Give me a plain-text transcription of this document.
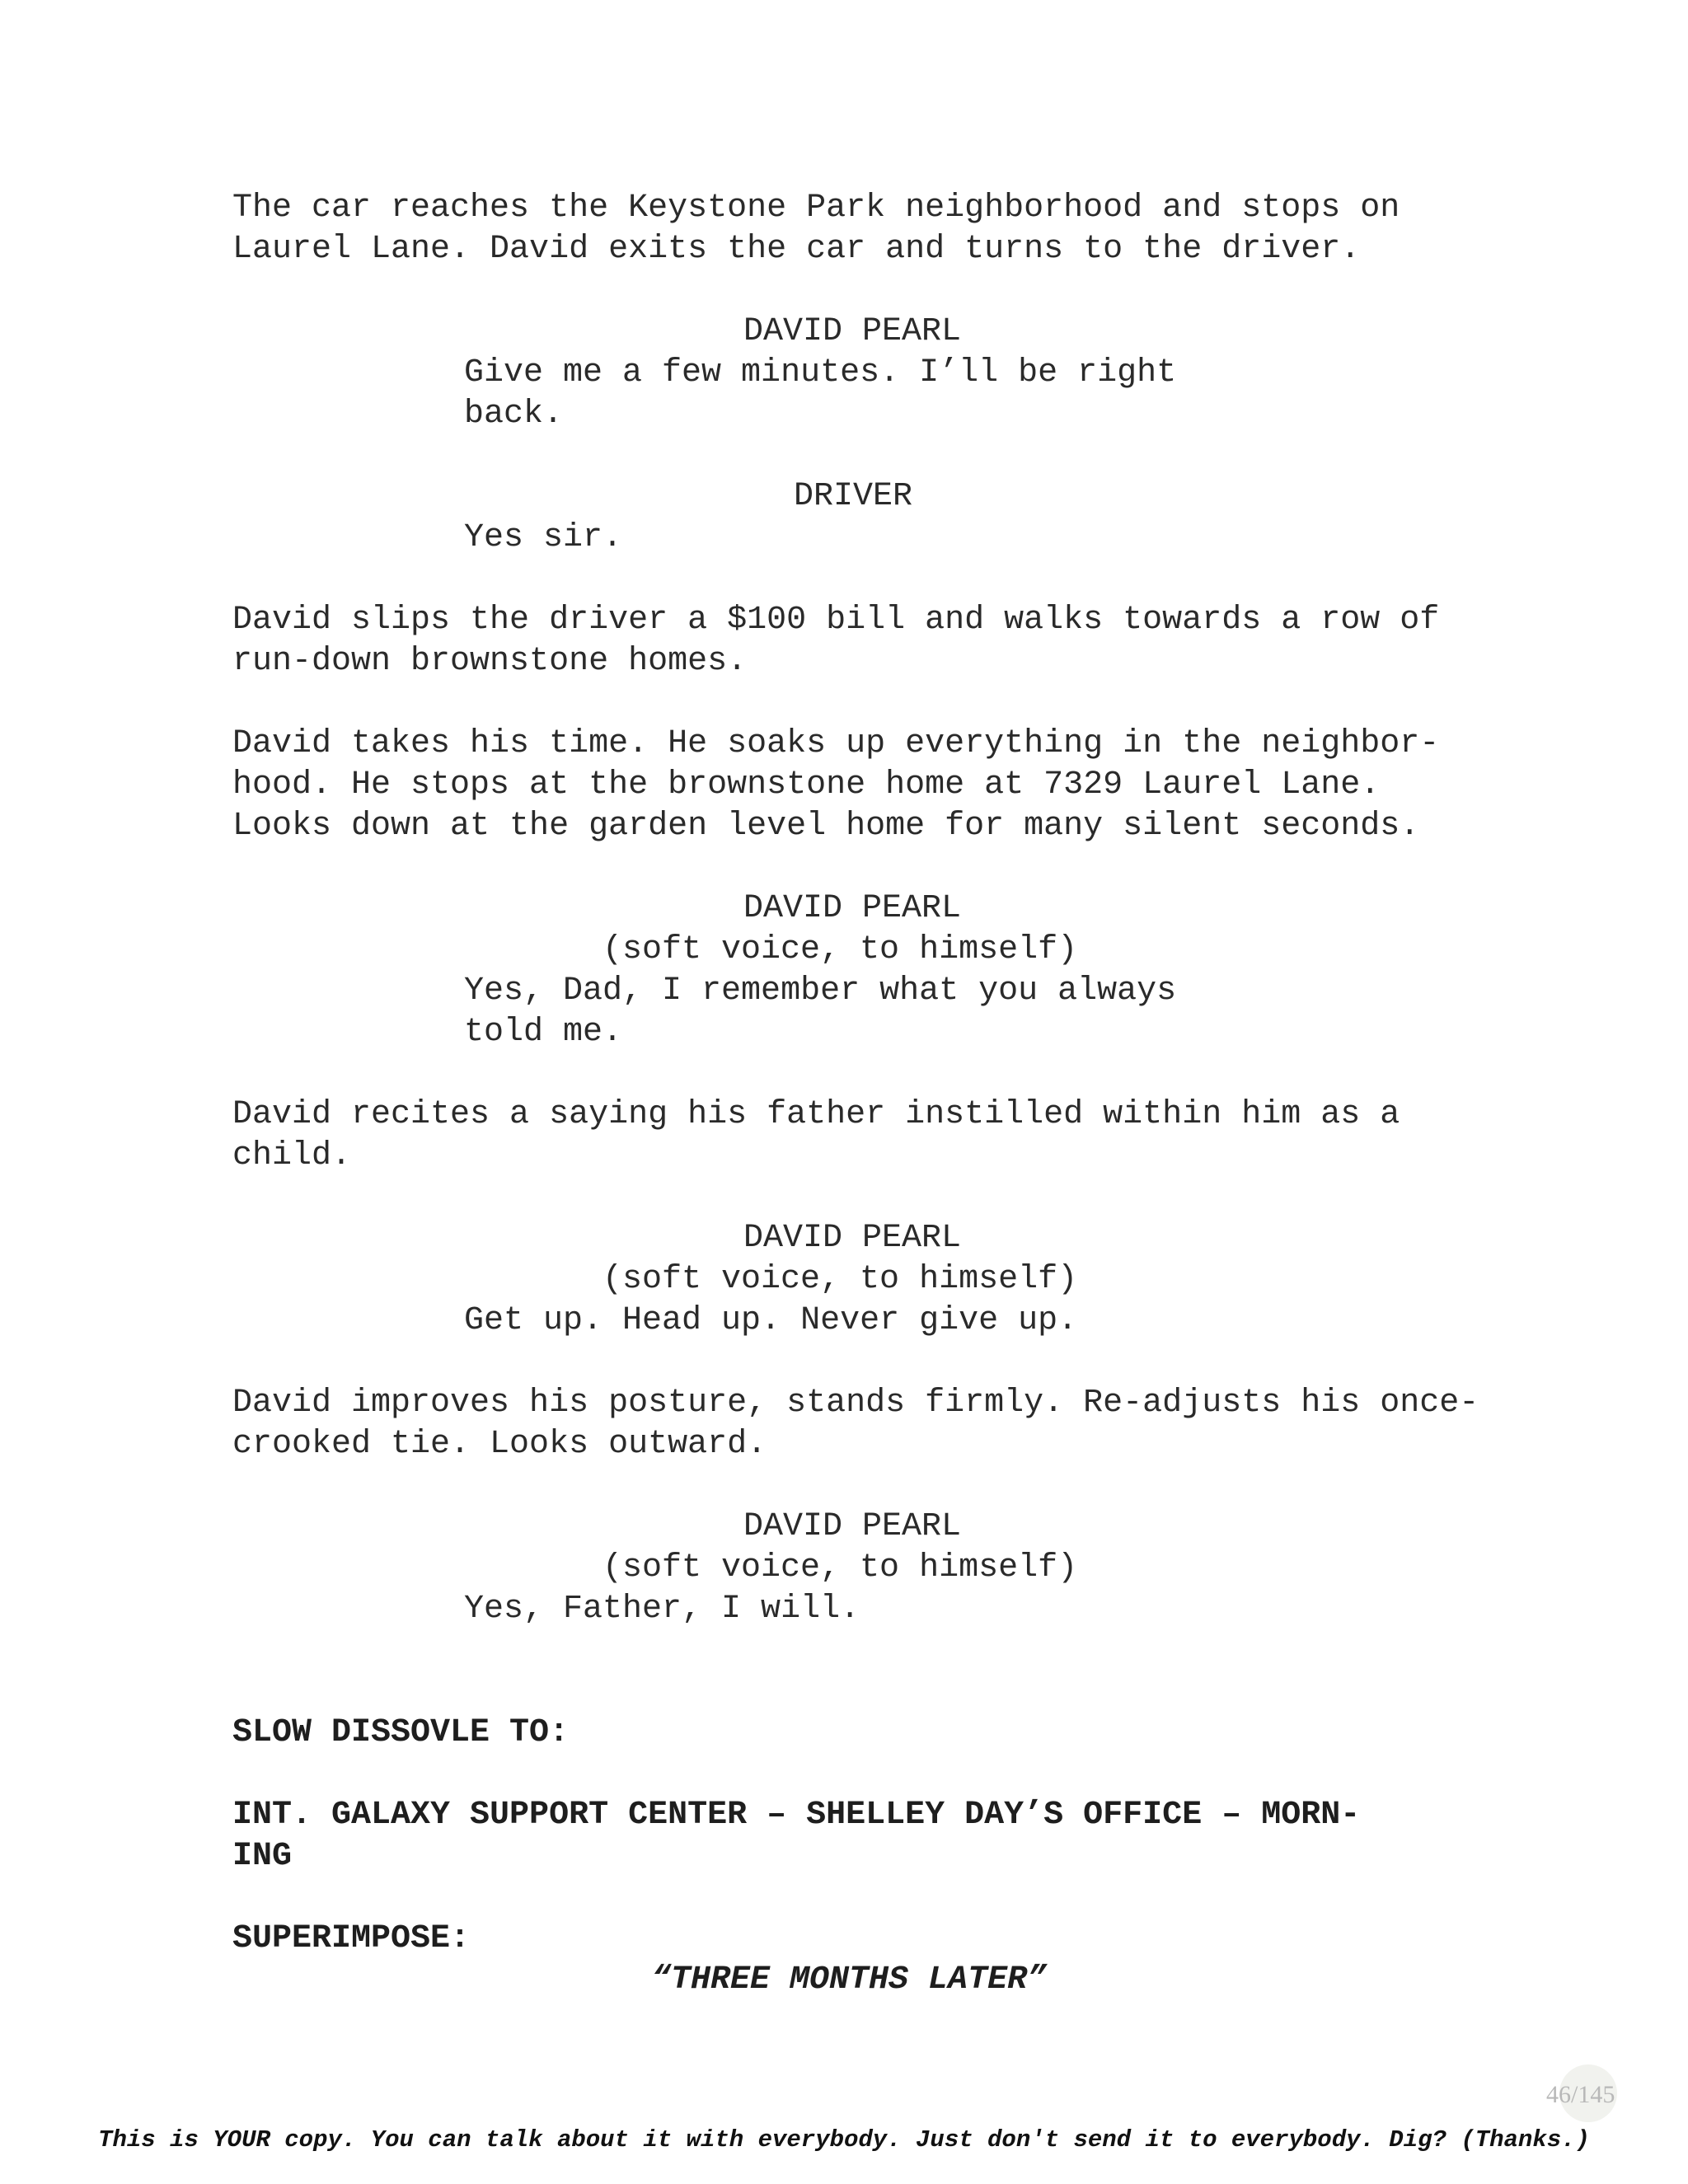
The car reaches the Keystone Park neighborhood and stops on

Laurel Lane. David exits the car and turns to the driver.

DAVID PEARL

Give me a few minutes. I’ll be right

back.

DRIVER

Yes sir.

David slips the driver a $100 bill and walks towards a row of

run-down brownstone homes.

David takes his time. He soaks up everything in the neighbor-

hood. He stops at the brownstone home at 7329 Laurel Lane.

Looks down at the garden level home for many silent seconds.

DAVID PEARL

(soft voice, to himself)

Yes, Dad, I remember what you always

told me.

David recites a saying his father instilled within him as a

child.

DAVID PEARL

(soft voice, to himself)

Get up. Head up. Never give up.

David improves his posture, stands firmly. Re-adjusts his once-

crooked tie. Looks outward.

DAVID PEARL

(soft voice, to himself)

Yes, Father, I will.

SLOW DISSOVLE TO:

INT. GALAXY SUPPORT CENTER – SHELLEY DAY’S OFFICE – MORN-

ING

SUPERIMPOSE:

“THREE MONTHS LATER”

46/145
This is YOUR copy. You can talk about it with everybody. Just don't send it to everybody. Dig? (Thanks.)
